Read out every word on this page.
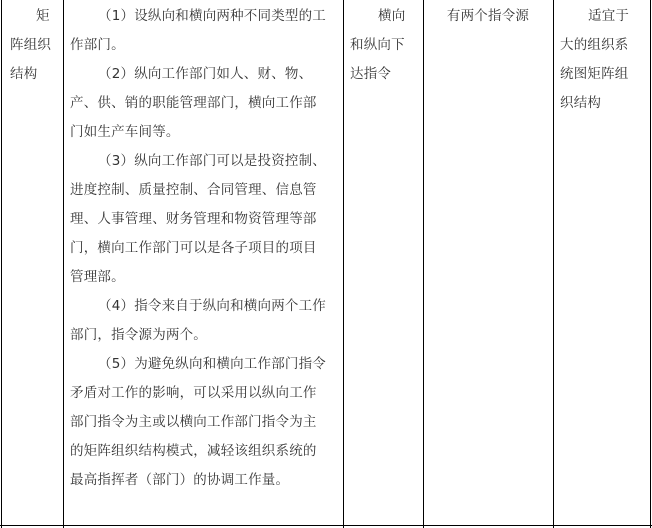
矩

阵组织

结构

（1）设纵向和横向两种不同类型的工

作部门。

（2）纵向工作部门如人、财、物、

产、供、销的职能管理部门，横向工作部

门如生产车间等。

（3）纵向工作部门可以是投资控制、

进度控制、质量控制、合同管理、信息管

理、人事管理、财务管理和物资管理等部

门，横向工作部门可以是各子项目的项目

管理部。

（4）指令来自于纵向和横向两个工作

部门，指令源为两个。

（5）为避免纵向和横向工作部门指令

矛盾对工作的影响，可以采用以纵向工作

部门指令为主或以横向工作部门指令为主

的矩阵组织结构模式，减轻该组织系统的

最高指挥者（部门）的协调工作量。

横向

和纵向下

达指令

有两个指令源	适宜于

大的组织系

统图矩阵组

织结构
